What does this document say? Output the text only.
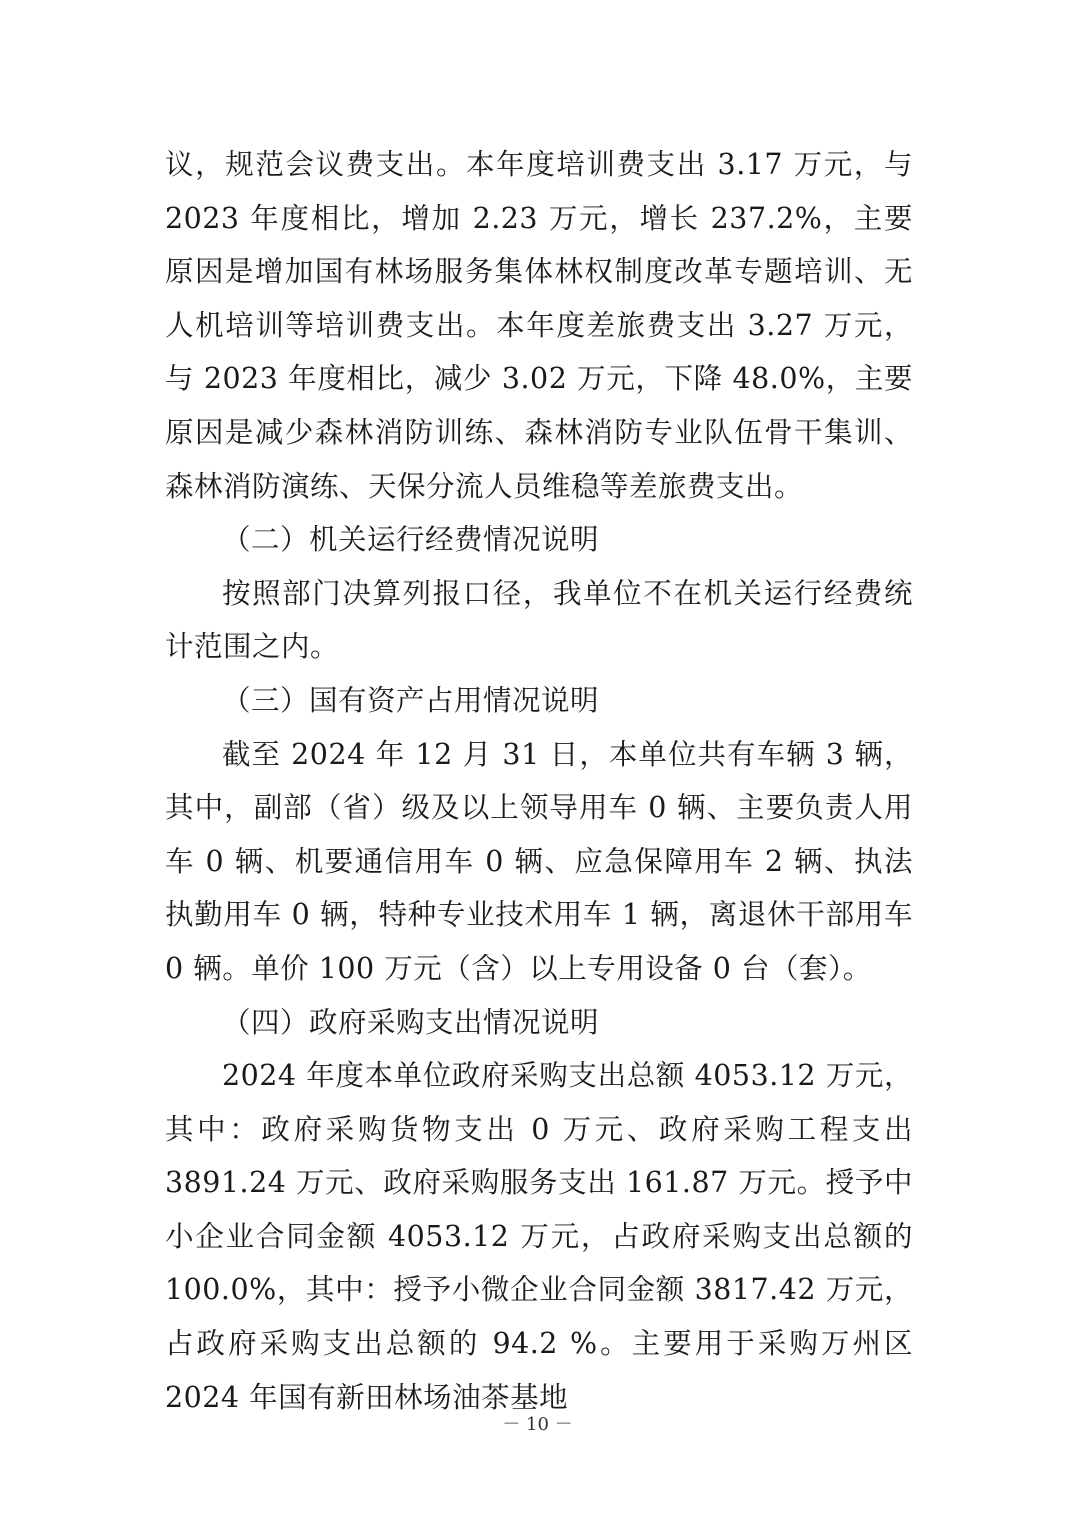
议，规范会议费支出。本年度培训费支出 3.17 万元，与 2023 年度相比，增加 2.23 万元，增长 237.2%，主要原因是增加国有林场服务集体林权制度改革专题培训、无人机培训等培训费支出。本年度差旅费支出 3.27 万元，与 2023 年度相比，减少 3.02 万元，下降 48.0%，主要原因是减少森林消防训练、森林消防专业队伍骨干集训、森林消防演练、天保分流人员维稳等差旅费支出。

（二）机关运行经费情况说明

按照部门决算列报口径，我单位不在机关运行经费统计范围之内。

（三）国有资产占用情况说明

截至 2024 年 12 月 31 日，本单位共有车辆 3 辆，其中，副部（省）级及以上领导用车 0 辆、主要负责人用车 0 辆、机要通信用车 0 辆、应急保障用车 2 辆、执法执勤用车 0 辆，特种专业技术用车 1 辆，离退休干部用车 0 辆。单价 100 万元（含）以上专用设备 0 台（套）。

（四）政府采购支出情况说明

2024 年度本单位政府采购支出总额 4053.12 万元，其中：政府采购货物支出 0 万元、政府采购工程支出 3891.24 万元、政府采购服务支出 161.87 万元。授予中小企业合同金额 4053.12 万元，占政府采购支出总额的 100.0%，其中：授予小微企业合同金额 3817.42 万元，占政府采购支出总额的 94.2 %。主要用于采购万州区 2024 年国有新田林场油茶基地

－ 10 －
